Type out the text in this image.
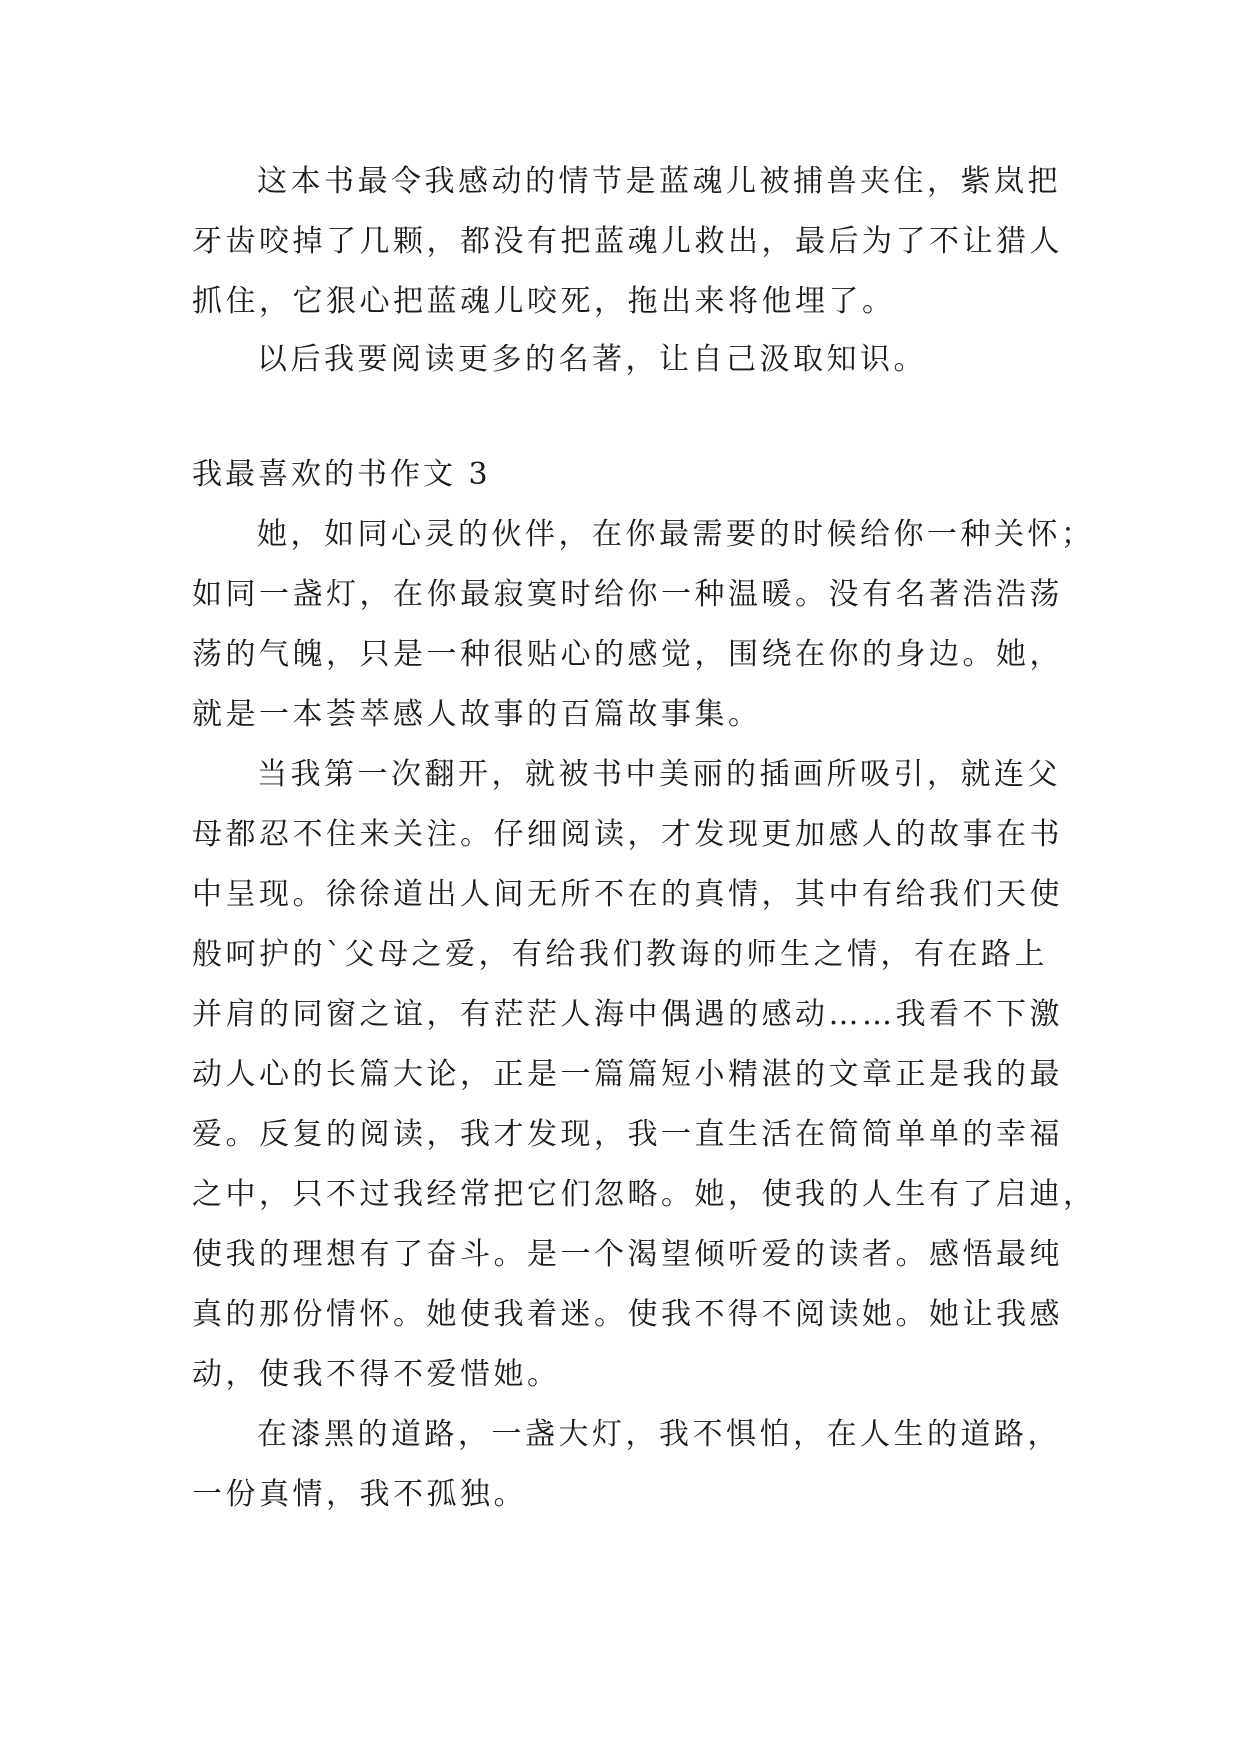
这本书最令我感动的情节是蓝魂儿被捕兽夹住，紫岚把
牙齿咬掉了几颗，都没有把蓝魂儿救出，最后为了不让猎人
抓住，它狠心把蓝魂儿咬死，拖出来将他埋了。
以后我要阅读更多的名著，让自己汲取知识。
我最喜欢的书作文 3
她，如同心灵的伙伴，在你最需要的时候给你一种关怀；
如同一盏灯，在你最寂寞时给你一种温暖。没有名著浩浩荡
荡的气魄，只是一种很贴心的感觉，围绕在你的身边。她，
就是一本荟萃感人故事的百篇故事集。
当我第一次翻开，就被书中美丽的插画所吸引，就连父
母都忍不住来关注。仔细阅读，才发现更加感人的故事在书
中呈现。徐徐道出人间无所不在的真情，其中有给我们天使
般呵护的`父母之爱，有给我们教诲的师生之情，有在路上
并肩的同窗之谊，有茫茫人海中偶遇的感动……我看不下激
动人心的长篇大论，正是一篇篇短小精湛的文章正是我的最
爱。反复的阅读，我才发现，我一直生活在简简单单的幸福
之中，只不过我经常把它们忽略。她，使我的人生有了启迪，
使我的理想有了奋斗。是一个渴望倾听爱的读者。感悟最纯
真的那份情怀。她使我着迷。使我不得不阅读她。她让我感
动，使我不得不爱惜她。
在漆黑的道路，一盏大灯，我不惧怕，在人生的道路，
一份真情，我不孤独。
